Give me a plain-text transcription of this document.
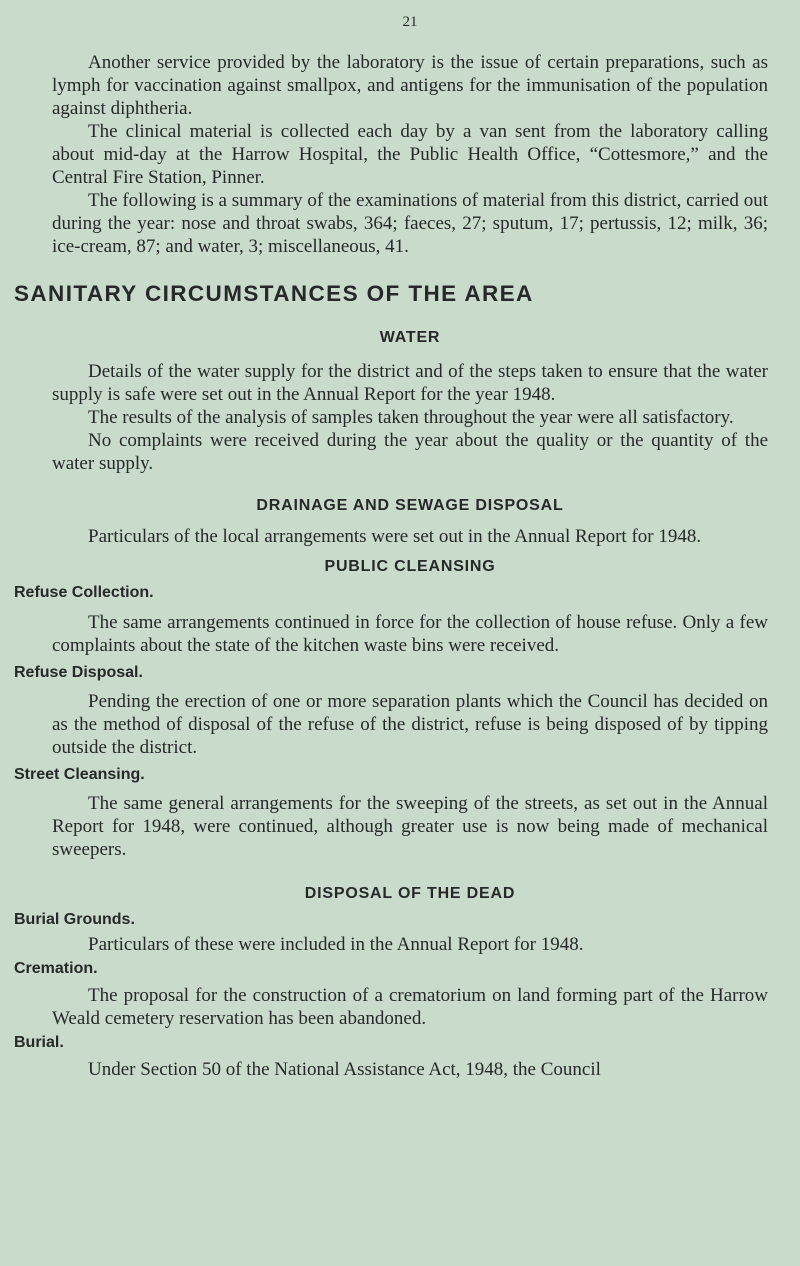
21

Another service provided by the laboratory is the issue of certain preparations, such as lymph for vaccination against smallpox, and antigens for the immunisation of the population against diphtheria.

The clinical material is collected each day by a van sent from the laboratory calling about mid-day at the Harrow Hospital, the Public Health Office, “Cottesmore,” and the Central Fire Station, Pinner.

The following is a summary of the examinations of material from this district, carried out during the year: nose and throat swabs, 364; faeces, 27; sputum, 17; pertussis, 12; milk, 36; ice-cream, 87; and water, 3; miscellaneous, 41.

SANITARY CIRCUMSTANCES OF THE AREA
WATER

Details of the water supply for the district and of the steps taken to ensure that the water supply is safe were set out in the Annual Report for the year 1948.

The results of the analysis of samples taken throughout the year were all satisfactory.

No complaints were received during the year about the quality or the quantity of the water supply.

DRAINAGE AND SEWAGE DISPOSAL

Particulars of the local arrangements were set out in the Annual Report for 1948.

PUBLIC CLEANSING
Refuse Collection.

The same arrangements continued in force for the collection of house refuse. Only a few complaints about the state of the kitchen waste bins were received.

Refuse Disposal.

Pending the erection of one or more separation plants which the Council has decided on as the method of disposal of the refuse of the district, refuse is being disposed of by tipping outside the district.

Street Cleansing.

The same general arrangements for the sweeping of the streets, as set out in the Annual Report for 1948, were continued, although greater use is now being made of mechanical sweepers.

DISPOSAL OF THE DEAD
Burial Grounds.

Particulars of these were included in the Annual Report for 1948.

Cremation.

The proposal for the construction of a crematorium on land forming part of the Harrow Weald cemetery reservation has been abandoned.

Burial.

Under Section 50 of the National Assistance Act, 1948, the Council
